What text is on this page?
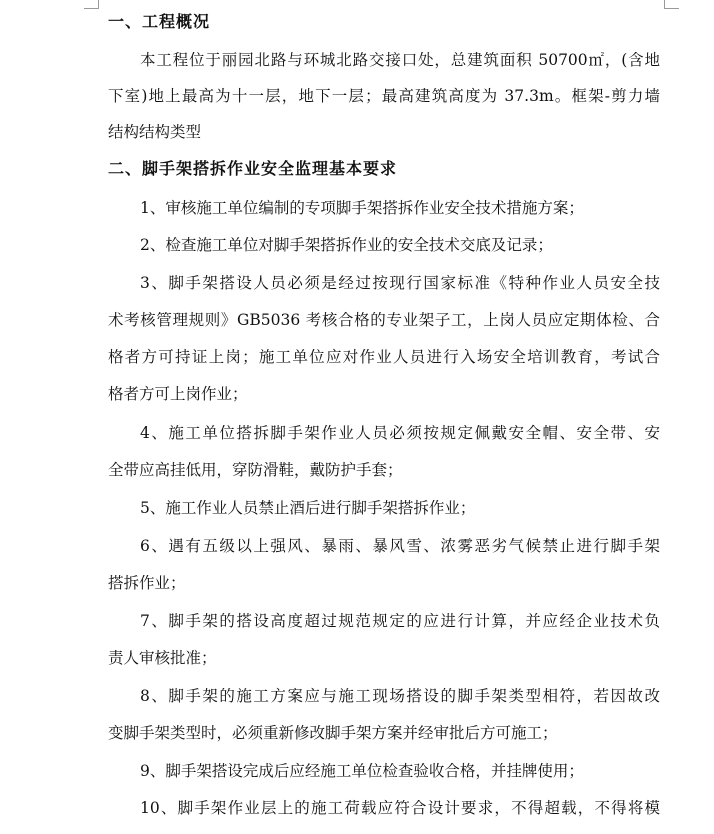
一、工程概况
本工程位于丽园北路与环城北路交接口处，总建筑面积 50700㎡，(含地
下室)地上最高为十一层，地下一层；最高建筑高度为 37.3m。框架-剪力墙
结构结构类型
二、脚手架搭拆作业安全监理基本要求
1、审核施工单位编制的专项脚手架搭拆作业安全技术措施方案；
2、检查施工单位对脚手架搭拆作业的安全技术交底及记录；
3、脚手架搭设人员必须是经过按现行国家标准《特种作业人员安全技
术考核管理规则》GB5036 考核合格的专业架子工，上岗人员应定期体检、合
格者方可持证上岗；施工单位应对作业人员进行入场安全培训教育，考试合
格者方可上岗作业；
4、施工单位搭拆脚手架作业人员必须按规定佩戴安全帽、安全带、安
全带应高挂低用，穿防滑鞋，戴防护手套；
5、施工作业人员禁止酒后进行脚手架搭拆作业；
6、遇有五级以上强风、暴雨、暴风雪、浓雾恶劣气候禁止进行脚手架
搭拆作业；
7、脚手架的搭设高度超过规范规定的应进行计算，并应经企业技术负
责人审核批准；
8、脚手架的施工方案应与施工现场搭设的脚手架类型相符，若因故改
变脚手架类型时，必须重新修改脚手架方案并经审批后方可施工；
9、脚手架搭设完成后应经施工单位检查验收合格，并挂牌使用；
10、脚手架作业层上的施工荷载应符合设计要求，不得超载，不得将模
